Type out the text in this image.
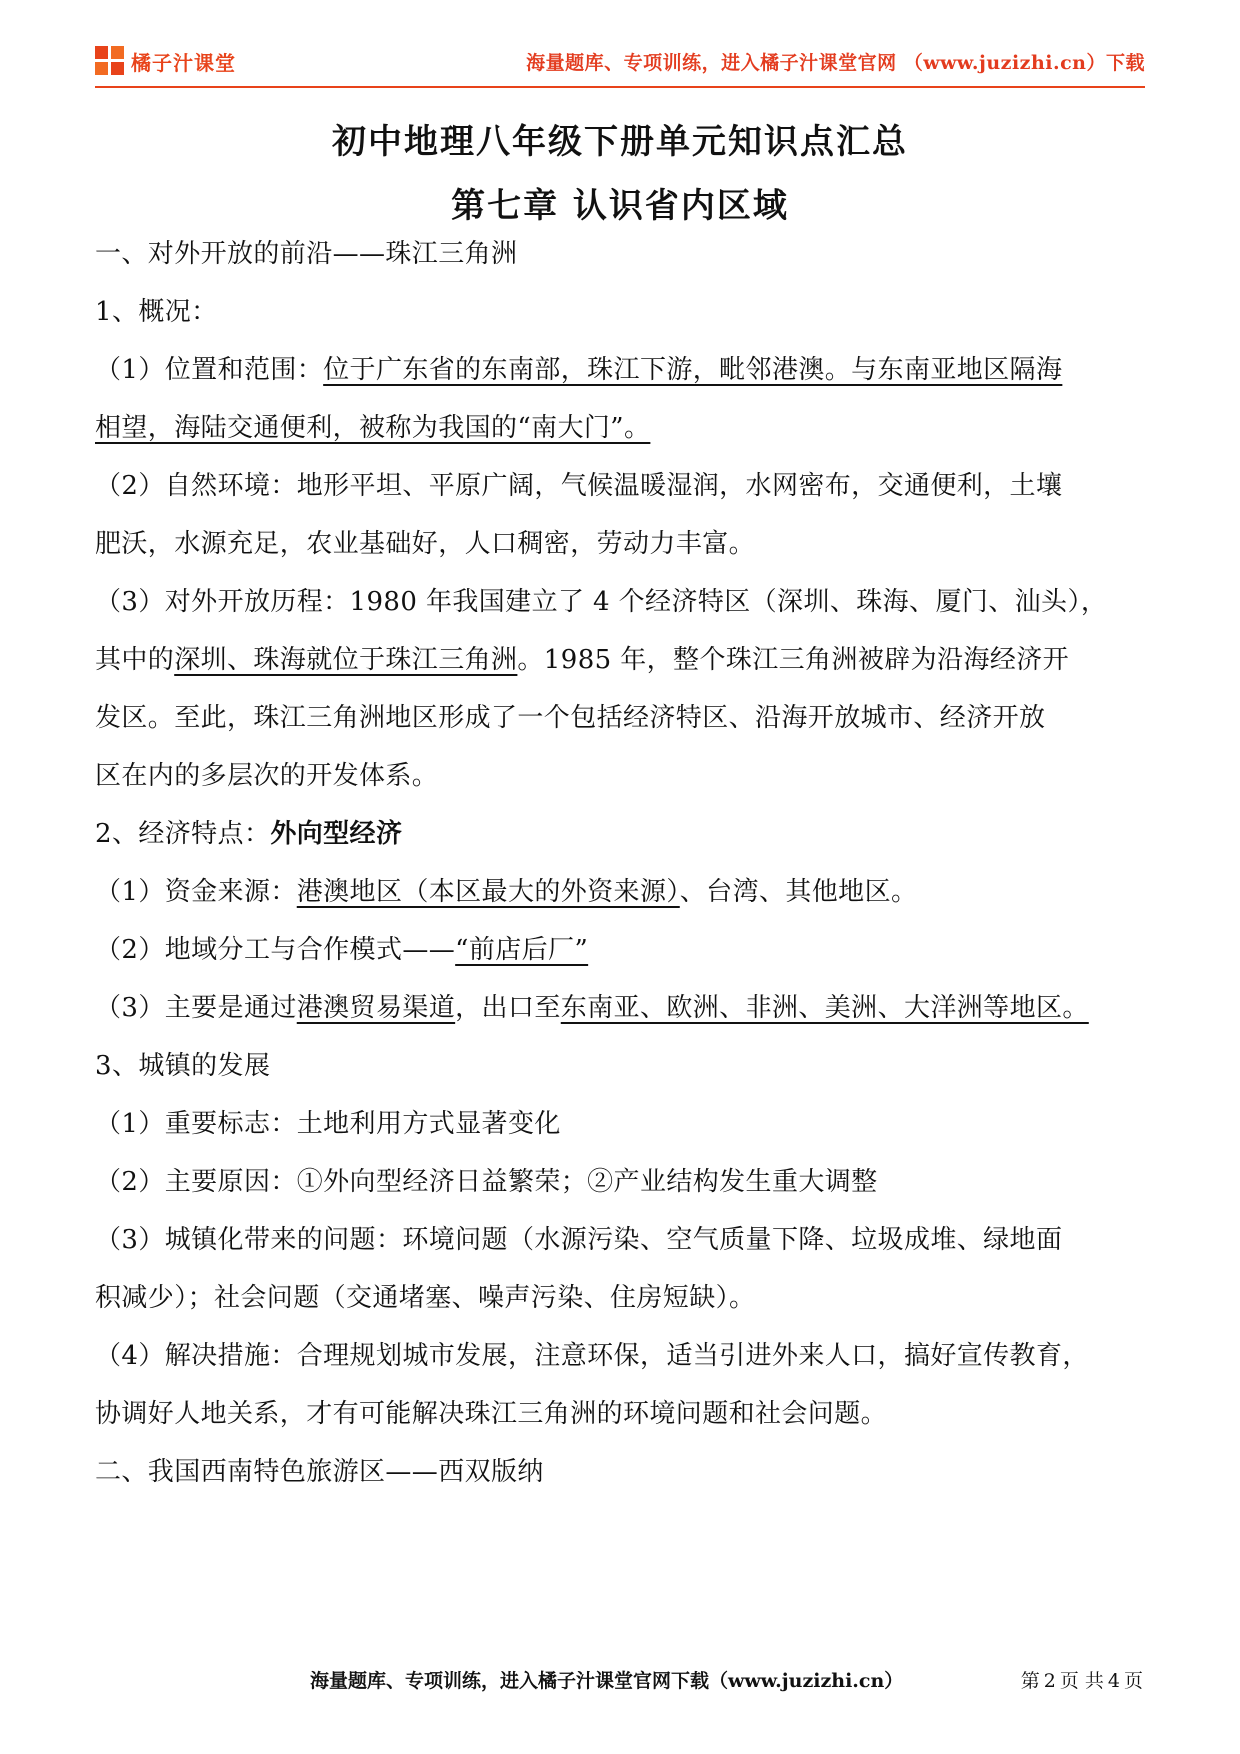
橘子汁课堂	海量题库、专项训练，进入橘子汁课堂官网 （www.juzizhi.cn）下载
初中地理八年级下册单元知识点汇总
第七章 认识省内区域
一、对外开放的前沿——珠江三角洲
1、概况：
（1）位置和范围：位于广东省的东南部，珠江下游，毗邻港澳。与东南亚地区隔海
相望，海陆交通便利，被称为我国的“南大门”。
（2）自然环境：地形平坦、平原广阔，气候温暖湿润，水网密布，交通便利，土壤
肥沃，水源充足，农业基础好，人口稠密，劳动力丰富。
（3）对外开放历程：1980 年我国建立了 4 个经济特区（深圳、珠海、厦门、汕头），
其中的深圳、珠海就位于珠江三角洲。1985 年，整个珠江三角洲被辟为沿海经济开
发区。至此，珠江三角洲地区形成了一个包括经济特区、沿海开放城市、经济开放
区在内的多层次的开发体系。
2、经济特点：外向型经济
（1）资金来源：港澳地区（本区最大的外资来源）、台湾、其他地区。
（2）地域分工与合作模式——“前店后厂”
（3）主要是通过港澳贸易渠道，出口至东南亚、欧洲、非洲、美洲、大洋洲等地区。
3、城镇的发展
（1）重要标志：土地利用方式显著变化
（2）主要原因：①外向型经济日益繁荣；②产业结构发生重大调整
（3）城镇化带来的问题：环境问题（水源污染、空气质量下降、垃圾成堆、绿地面
积减少）；社会问题（交通堵塞、噪声污染、住房短缺）。
（4）解决措施：合理规划城市发展，注意环保，适当引进外来人口，搞好宣传教育，
协调好人地关系，才有可能解决珠江三角洲的环境问题和社会问题。
二、我国西南特色旅游区——西双版纳
海量题库、专项训练，进入橘子汁课堂官网下载（www.juzizhi.cn）	第 2 页 共 4 页
